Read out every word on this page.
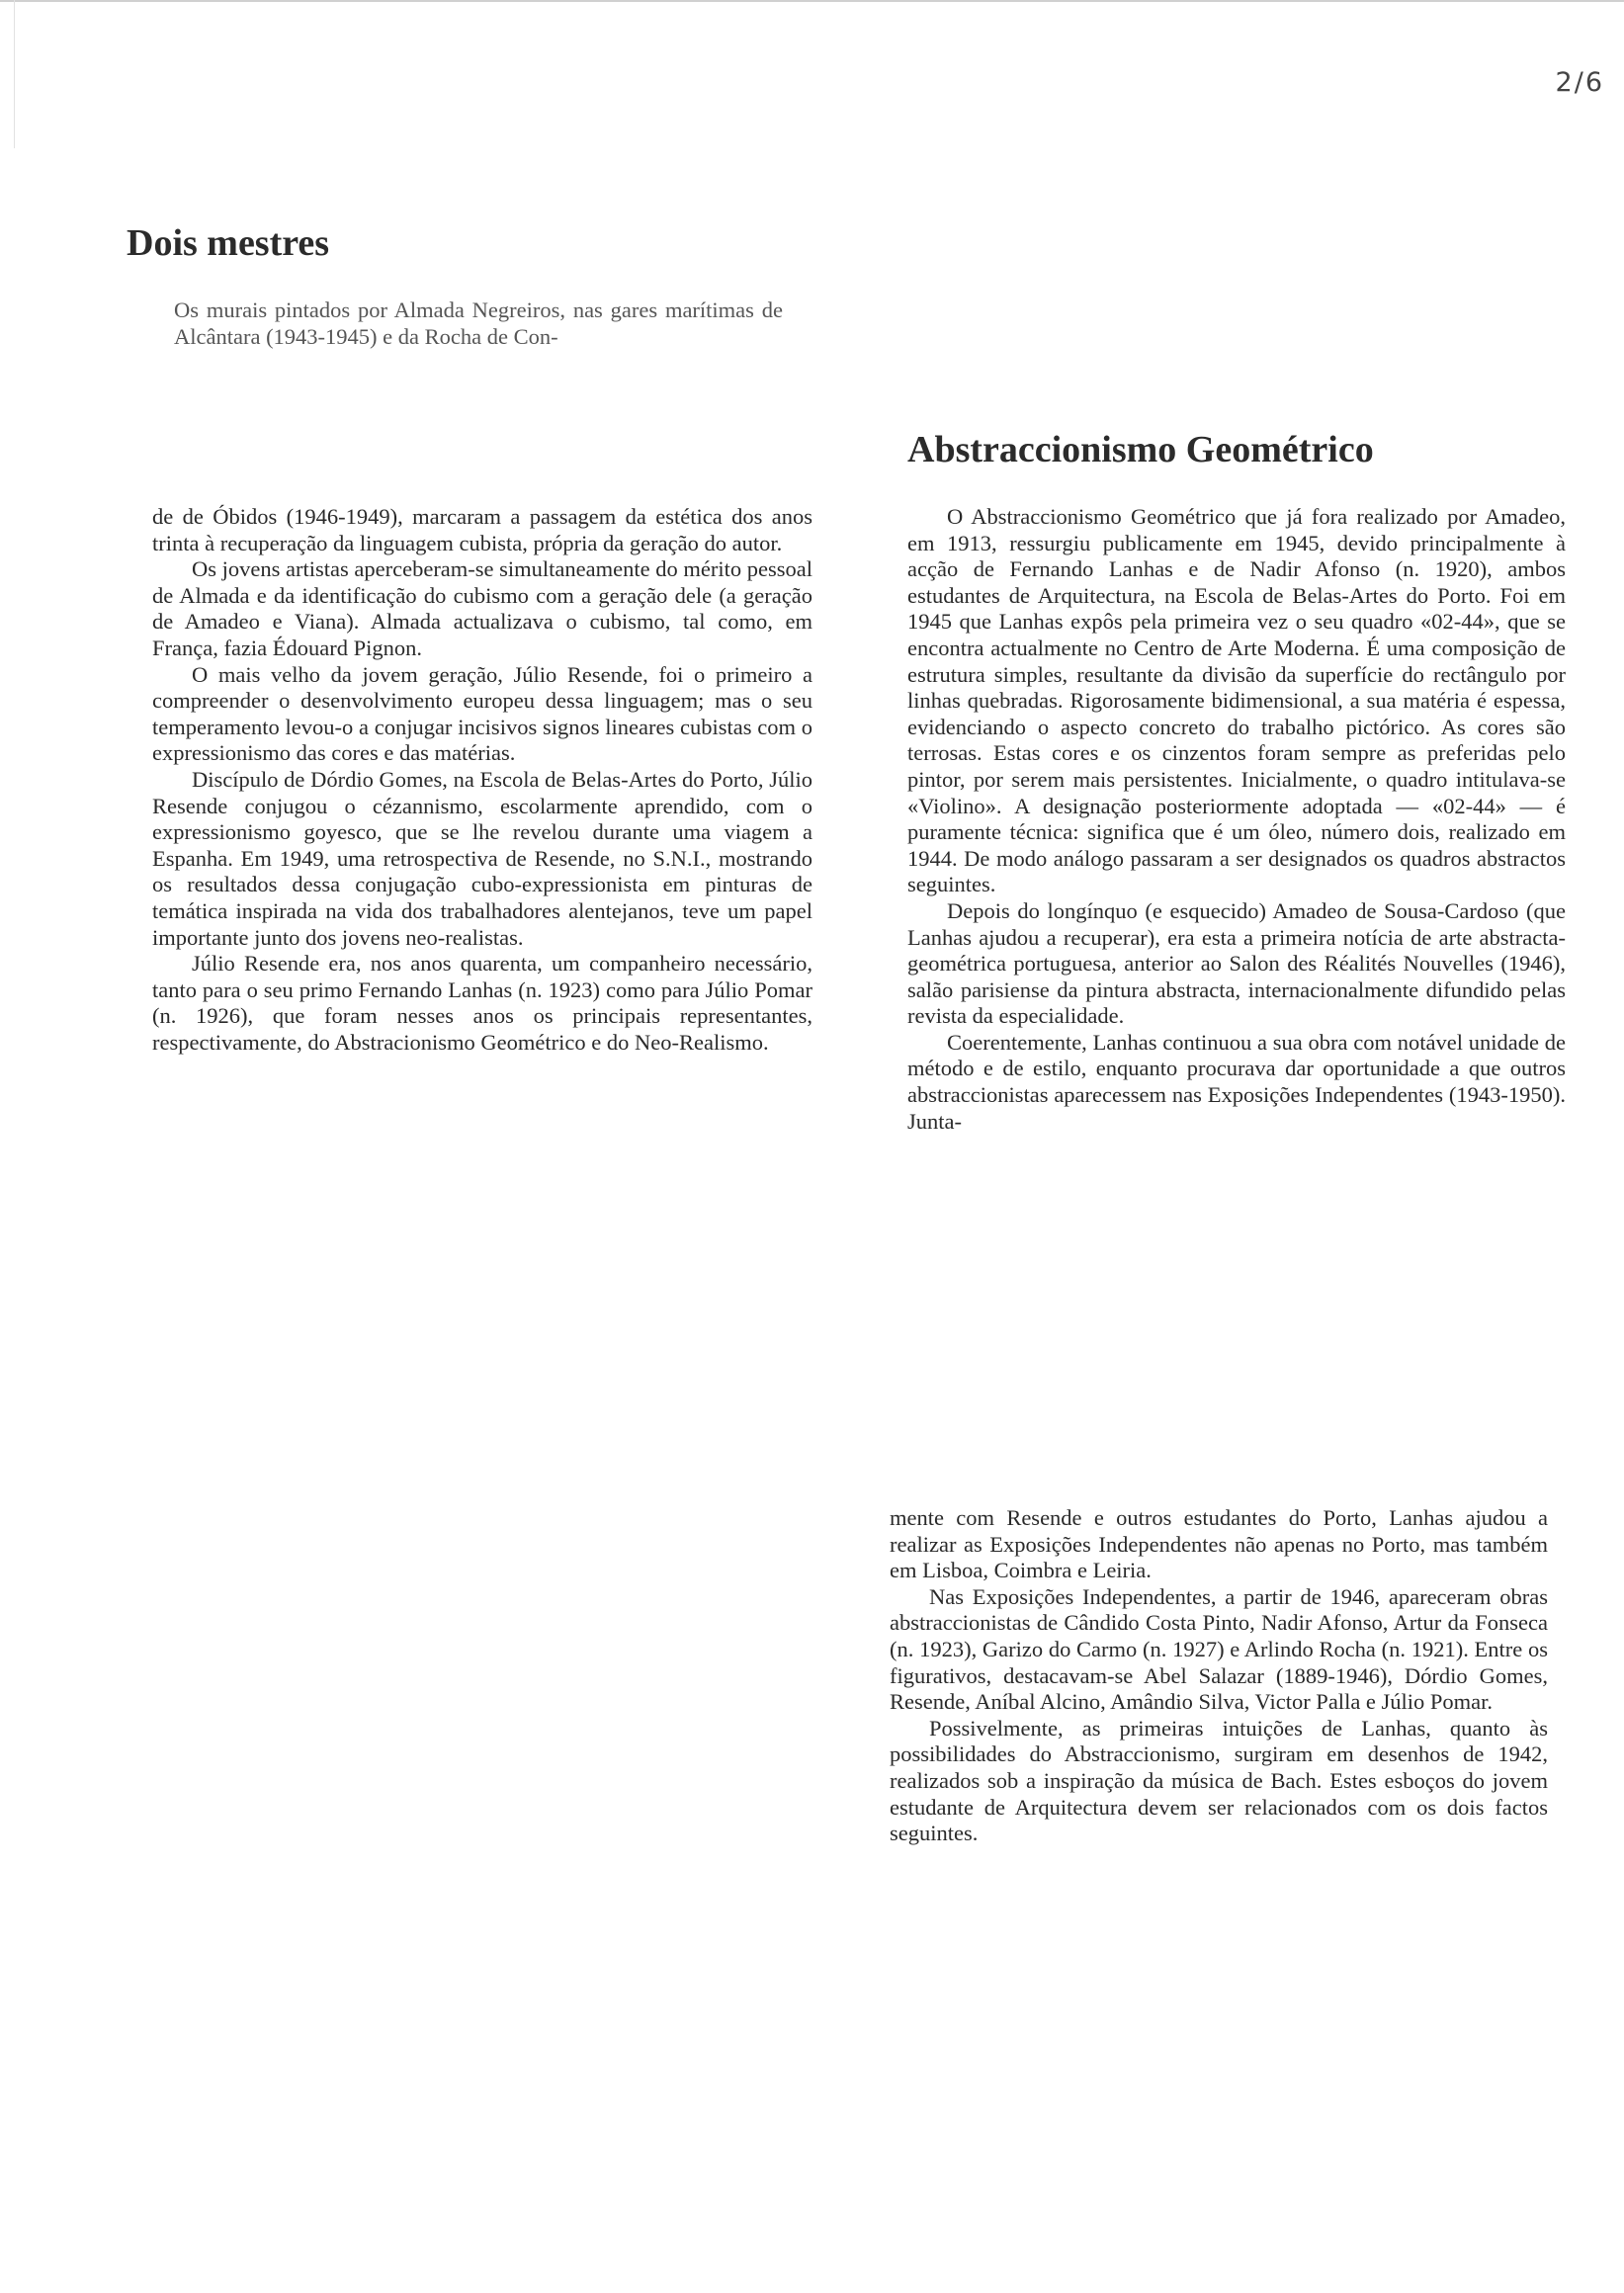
2/6
Dois mestres

Os murais pintados por Almada Negreiros, nas gares marítimas de Alcântara (1943-1945) e da Rocha de Con-

Abstraccionismo Geométrico

de de Óbidos (1946-1949), marcaram a passagem da estética dos anos trinta à recuperação da linguagem cubista, própria da geração do autor.

Os jovens artistas aperceberam-se simultaneamente do mérito pessoal de Almada e da identificação do cubismo com a geração dele (a geração de Amadeo e Viana). Almada actualizava o cubismo, tal como, em França, fazia Édouard Pignon.

O mais velho da jovem geração, Júlio Resende, foi o primeiro a compreender o desenvolvimento europeu dessa linguagem; mas o seu temperamento levou-o a conjugar incisivos signos lineares cubistas com o expressionismo das cores e das matérias.

Discípulo de Dórdio Gomes, na Escola de Belas-Artes do Porto, Júlio Resende conjugou o cézannismo, escolarmente aprendido, com o expressionismo goyesco, que se lhe revelou durante uma viagem a Espanha. Em 1949, uma retrospectiva de Resende, no S.N.I., mostrando os resultados dessa conjugação cubo-expressionista em pinturas de temática inspirada na vida dos trabalhadores alentejanos, teve um papel importante junto dos jovens neo-realistas.

Júlio Resende era, nos anos quarenta, um companheiro necessário, tanto para o seu primo Fernando Lanhas (n. 1923) como para Júlio Pomar (n. 1926), que foram nesses anos os principais representantes, respectivamente, do Abstracionismo Geométrico e do Neo-Realismo.

O Abstraccionismo Geométrico que já fora realizado por Amadeo, em 1913, ressurgiu publicamente em 1945, devido principalmente à acção de Fernando Lanhas e de Nadir Afonso (n. 1920), ambos estudantes de Arquitectura, na Escola de Belas-Artes do Porto. Foi em 1945 que Lanhas expôs pela primeira vez o seu quadro «02-44», que se encontra actualmente no Centro de Arte Moderna. É uma composição de estrutura simples, resultante da divisão da superfície do rectângulo por linhas quebradas. Rigorosamente bidimensional, a sua matéria é espessa, evidenciando o aspecto concreto do trabalho pictórico. As cores são terrosas. Estas cores e os cinzentos foram sempre as preferidas pelo pintor, por serem mais persistentes. Inicialmente, o quadro intitulava-se «Violino». A designação posteriormente adoptada — «02-44» — é puramente técnica: significa que é um óleo, número dois, realizado em 1944. De modo análogo passaram a ser designados os quadros abstractos seguintes.

Depois do longínquo (e esquecido) Amadeo de Sousa-Cardoso (que Lanhas ajudou a recuperar), era esta a primeira notícia de arte abstracta-geométrica portuguesa, anterior ao Salon des Réalités Nouvelles (1946), salão parisiense da pintura abstracta, internacionalmente difundido pelas revista da especialidade.

Coerentemente, Lanhas continuou a sua obra com notável unidade de método e de estilo, enquanto procurava dar oportunidade a que outros abstraccionistas aparecessem nas Exposições Independentes (1943-1950). Junta-

mente com Resende e outros estudantes do Porto, Lanhas ajudou a realizar as Exposições Independentes não apenas no Porto, mas também em Lisboa, Coimbra e Leiria.

Nas Exposições Independentes, a partir de 1946, apareceram obras abstraccionistas de Cândido Costa Pinto, Nadir Afonso, Artur da Fonseca (n. 1923), Garizo do Carmo (n. 1927) e Arlindo Rocha (n. 1921). Entre os figurativos, destacavam-se Abel Salazar (1889-1946), Dórdio Gomes, Resende, Aníbal Alcino, Amândio Silva, Victor Palla e Júlio Pomar.

Possivelmente, as primeiras intuições de Lanhas, quanto às possibilidades do Abstraccionismo, surgiram em desenhos de 1942, realizados sob a inspiração da música de Bach. Estes esboços do jovem estudante de Arquitectura devem ser relacionados com os dois factos seguintes.
